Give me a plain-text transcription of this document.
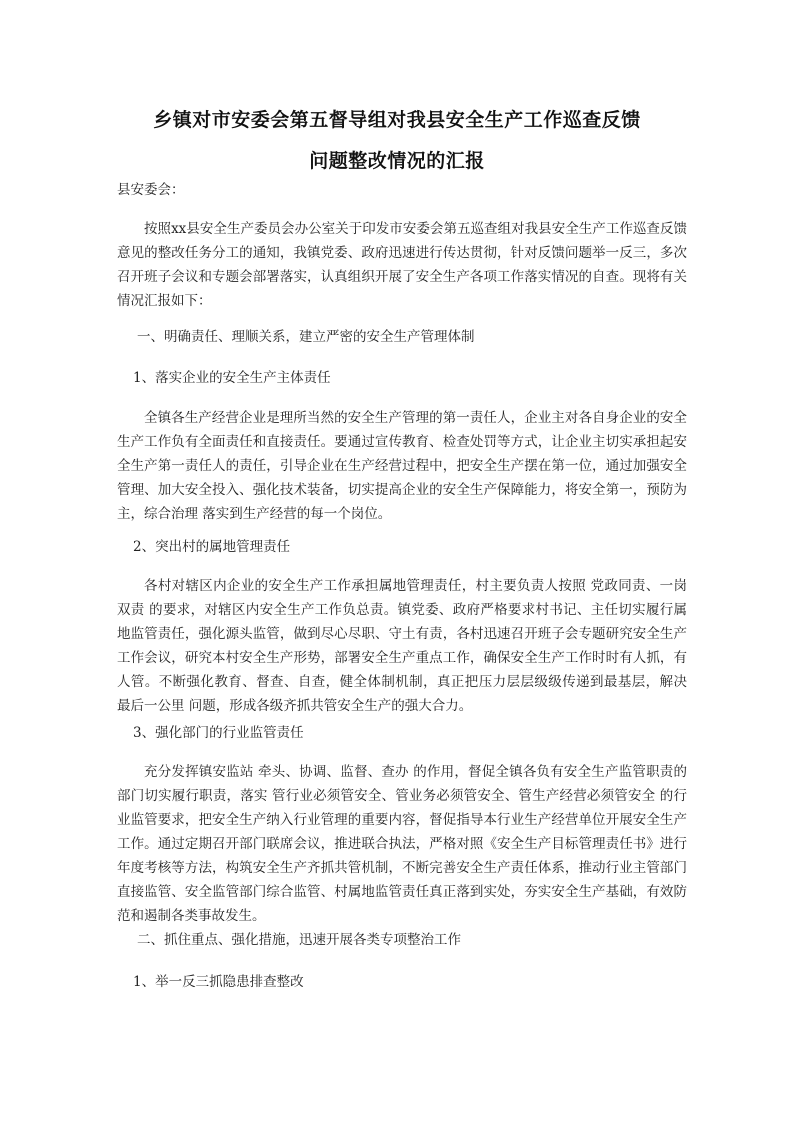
乡镇对市安委会第五督导组对我县安全生产工作巡查反馈
问题整改情况的汇报
县安委会：
按照xx县安全生产委员会办公室关于印发市安委会第五巡查组对我县安全生产工作巡查反馈意见的整改任务分工的通知，我镇党委、政府迅速进行传达贯彻，针对反馈问题举一反三，多次召开班子会议和专题会部署落实，认真组织开展了安全生产各项工作落实情况的自查。现将有关情况汇报如下：
一、明确责任、理顺关系，建立严密的安全生产管理体制
1、落实企业的安全生产主体责任
全镇各生产经营企业是理所当然的安全生产管理的第一责任人，企业主对各自身企业的安全生产工作负有全面责任和直接责任。要通过宣传教育、检查处罚等方式，让企业主切实承担起安全生产第一责任人的责任，引导企业在生产经营过程中，把安全生产摆在第一位，通过加强安全管理、加大安全投入、强化技术装备，切实提高企业的安全生产保障能力，将安全第一，预防为主，综合治理 落实到生产经营的每一个岗位。
2、突出村的属地管理责任
各村对辖区内企业的安全生产工作承担属地管理责任，村主要负责人按照 党政同责、一岗双责 的要求，对辖区内安全生产工作负总责。镇党委、政府严格要求村书记、主任切实履行属地监管责任，强化源头监管，做到尽心尽职、守土有责，各村迅速召开班子会专题研究安全生产工作会议，研究本村安全生产形势，部署安全生产重点工作，确保安全生产工作时时有人抓，有人管。不断强化教育、督查、自查，健全体制机制，真正把压力层层级级传递到最基层，解决 最后一公里 问题，形成各级齐抓共管安全生产的强大合力。
3、强化部门的行业监管责任
充分发挥镇安监站 牵头、协调、监督、查办 的作用，督促全镇各负有安全生产监管职责的部门切实履行职责，落实 管行业必须管安全、管业务必须管安全、管生产经营必须管安全 的行业监管要求，把安全生产纳入行业管理的重要内容，督促指导本行业生产经营单位开展安全生产工作。通过定期召开部门联席会议，推进联合执法，严格对照《安全生产目标管理责任书》进行年度考核等方法，构筑安全生产齐抓共管机制，不断完善安全生产责任体系，推动行业主管部门直接监管、安全监管部门综合监管、村属地监管责任真正落到实处，夯实安全生产基础，有效防范和遏制各类事故发生。
二、抓住重点、强化措施，迅速开展各类专项整治工作
1、举一反三抓隐患排查整改
